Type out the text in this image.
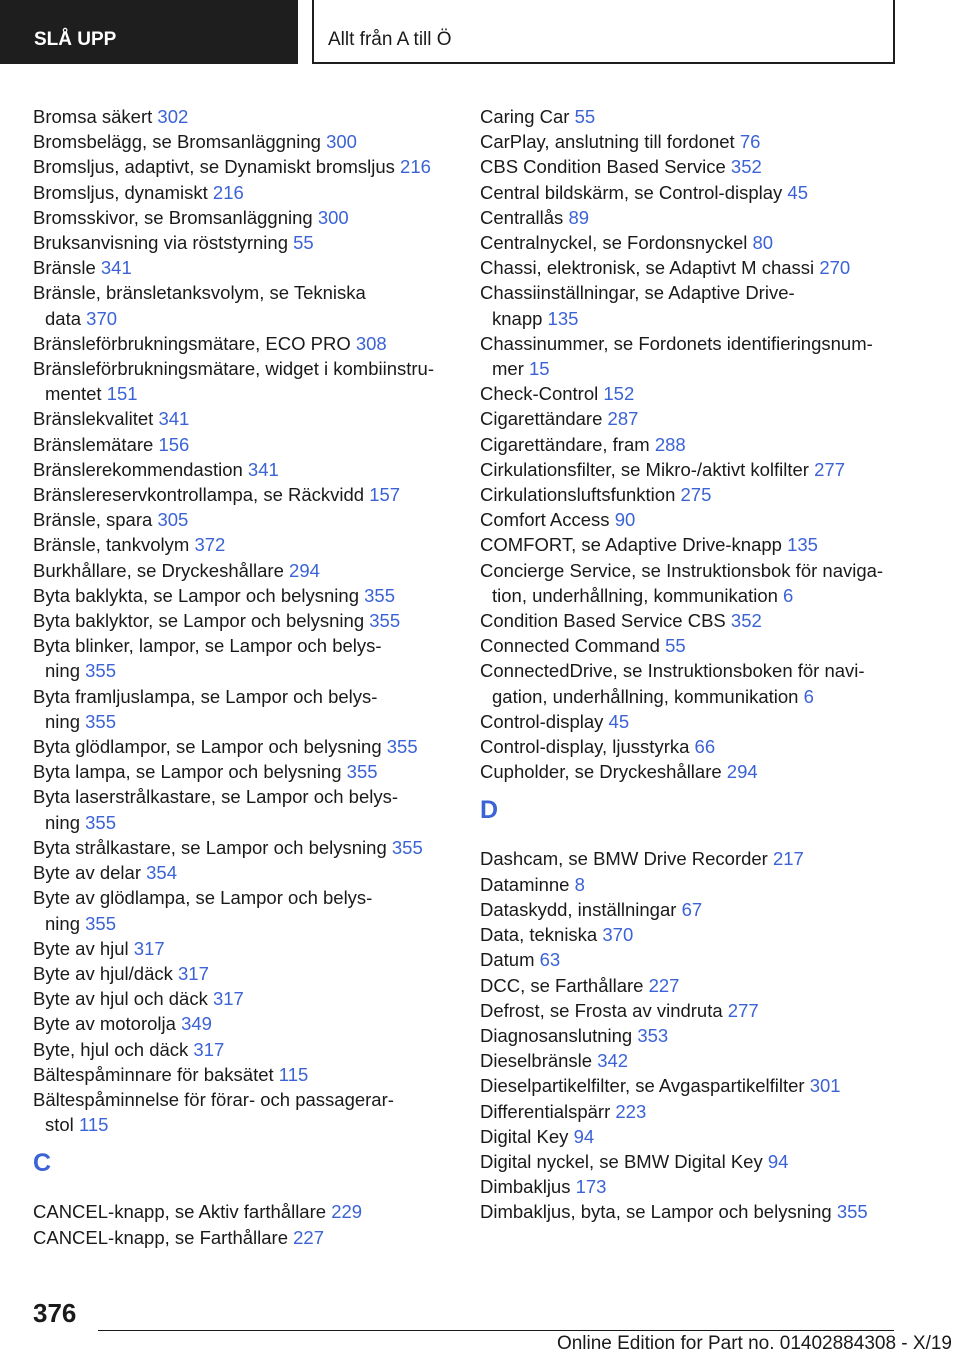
SLÅ UPP	Allt från A till Ö
Bromsa säkert 302
Bromsbelägg, se Bromsanläggning 300
Bromsljus, adaptivt, se Dynamiskt bromsljus 216
Bromsljus, dynamiskt 216
Bromsskivor, se Bromsanläggning 300
Bruksanvisning via röststyrning 55
Bränsle 341
Bränsle, bränsletanksvolym, se Tekniska
data 370
Bränsleförbrukningsmätare, ECO PRO 308
Bränsleförbrukningsmätare, widget i kombiinstru-
mentet 151
Bränslekvalitet 341
Bränslemätare 156
Bränslerekommendastion 341
Bränslereservkontrollampa, se Räckvidd 157
Bränsle, spara 305
Bränsle, tankvolym 372
Burkhållare, se Dryckeshållare 294
Byta baklykta, se Lampor och belysning 355
Byta baklyktor, se Lampor och belysning 355
Byta blinker, lampor, se Lampor och belys-
ning 355
Byta framljuslampa, se Lampor och belys-
ning 355
Byta glödlampor, se Lampor och belysning 355
Byta lampa, se Lampor och belysning 355
Byta laserstrålkastare, se Lampor och belys-
ning 355
Byta strålkastare, se Lampor och belysning 355
Byte av delar 354
Byte av glödlampa, se Lampor och belys-
ning 355
Byte av hjul 317
Byte av hjul/däck 317
Byte av hjul och däck 317
Byte av motorolja 349
Byte, hjul och däck 317
Bältespåminnare för baksätet 115
Bältespåminnelse för förar- och passagerar-
stol 115
C
CANCEL-knapp, se Aktiv farthållare 229
CANCEL-knapp, se Farthållare 227
Caring Car 55
CarPlay, anslutning till fordonet 76
CBS Condition Based Service 352
Central bildskärm, se Control-display 45
Centrallås 89
Centralnyckel, se Fordonsnyckel 80
Chassi, elektronisk, se Adaptivt M chassi 270
Chassiinställningar, se Adaptive Drive-
knapp 135
Chassinummer, se Fordonets identifieringsnum-
mer 15
Check-Control 152
Cigarettändare 287
Cigarettändare, fram 288
Cirkulationsfilter, se Mikro-/aktivt kolfilter 277
Cirkulationsluftsfunktion 275
Comfort Access 90
COMFORT, se Adaptive Drive-knapp 135
Concierge Service, se Instruktionsbok för naviga-
tion, underhållning, kommunikation 6
Condition Based Service CBS 352
Connected Command 55
ConnectedDrive, se Instruktionsboken för navi-
gation, underhållning, kommunikation 6
Control-display 45
Control-display, ljusstyrka 66
Cupholder, se Dryckeshållare 294
D
Dashcam, se BMW Drive Recorder 217
Dataminne 8
Dataskydd, inställningar 67
Data, tekniska 370
Datum 63
DCC, se Farthållare 227
Defrost, se Frosta av vindruta 277
Diagnosanslutning 353
Dieselbränsle 342
Dieselpartikelfilter, se Avgaspartikelfilter 301
Differentialspärr 223
Digital Key 94
Digital nyckel, se BMW Digital Key 94
Dimbakljus 173
Dimbakljus, byta, se Lampor och belysning 355
376
Online Edition for Part no. 01402884308 - X/19
